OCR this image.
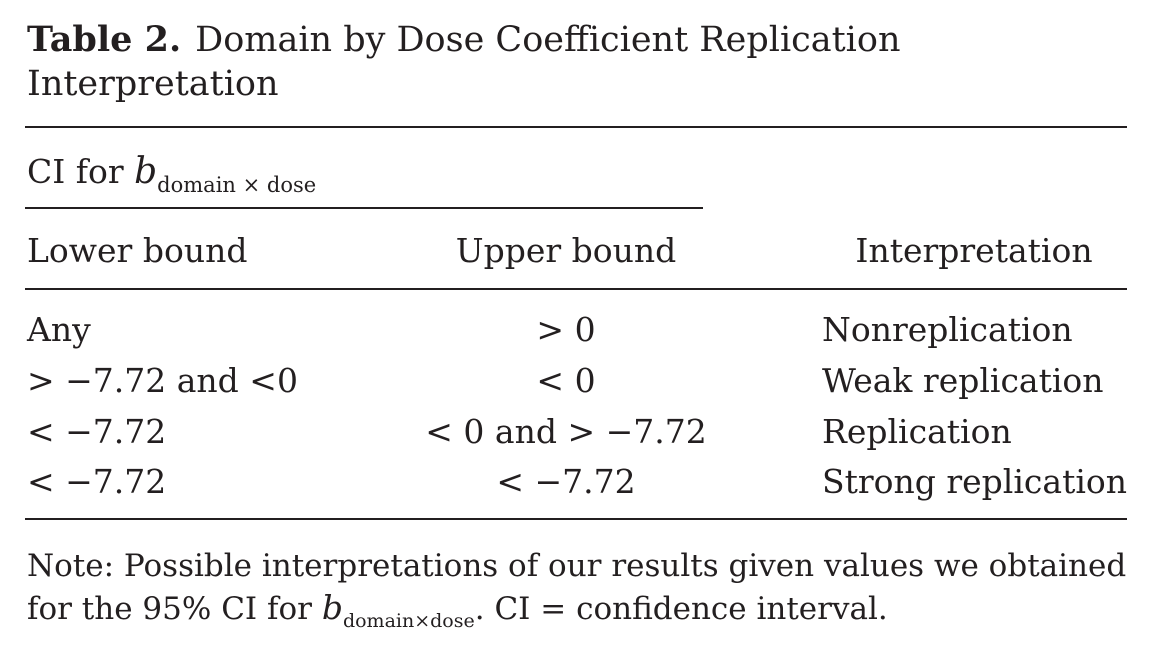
Table 2. Domain by Dose Coefficient Replication Interpretation
CI for $b_{domain \times dose}$
Lower bound	Upper bound	Interpretation
Any	> 0	Nonreplication
> −7.72 and <0	< 0	Weak replication
< −7.72	< 0 and > −7.72	Replication
< −7.72	< −7.72	Strong replication
Note: Possible interpretations of our results given values we obtained for the 95% CI for $b_{domain\times dose}$. CI = confidence interval.
